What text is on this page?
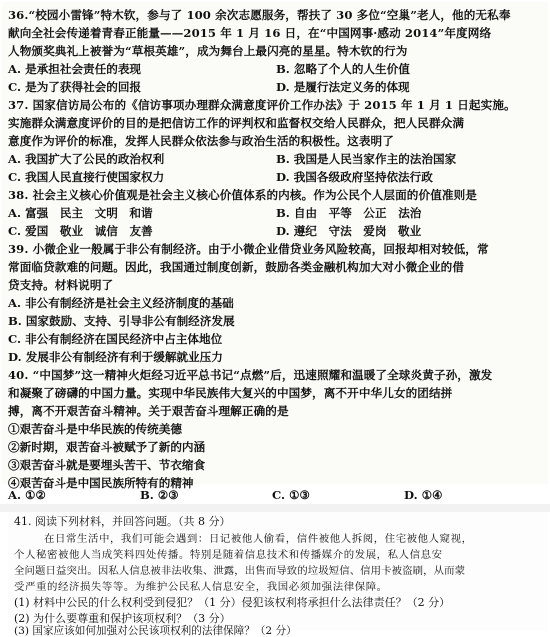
36.“校园小雷锋”特木钦，参与了 100 余次志愿服务，帮扶了 30 多位“空巢”老人，他的无私奉
献向全社会传递着青春正能量——2015 年 1 月 16 日，在“中国网事·感动 2014”年度网络
人物颁奖典礼上被誉为“草根英雄”，成为舞台上最闪亮的星星。特木钦的行为
A. 是承担社会责任的表现	B. 忽略了个人的人生价值
C. 是为了获得社会的回报	D. 是履行法定义务的体现
37. 国家信访局公布的《信访事项办理群众满意度评价工作办法》于 2015 年 1 月 1 日起实施。
实施群众满意度评价的目的是把信访工作的评判权和监督权交给人民群众，把人民群众满
意度作为评价的标准，发挥人民群众依法参与政治生活的积极性。这表明了
A. 我国扩大了公民的政治权利	B. 我国是人民当家作主的法治国家
C. 我国人民直接行使国家权力	D. 我国各级政府坚持依法行政
38. 社会主义核心价值观是社会主义核心价值体系的内核。作为公民个人层面的价值准则是
A. 富强　民主　文明　和谐	B. 自由　平等　公正　法治
C. 爱国　敬业　诚信　友善	D. 遵纪　守法　爱岗　敬业
39. 小微企业一般属于非公有制经济。由于小微企业借贷业务风险较高，回报却相对较低，常
常面临贷款难的问题。因此，我国通过制度创新，鼓励各类金融机构加大对小微企业的借
贷支持。材料说明了
A. 非公有制经济是社会主义经济制度的基础
B. 国家鼓励、支持、引导非公有制经济发展
C. 非公有制经济在国民经济中占主体地位
D. 发展非公有制经济有利于缓解就业压力
40. “中国梦”这一精神火炬经习近平总书记“点燃”后，迅速照耀和温暖了全球炎黄子孙，激发
和凝聚了磅礴的中国力量。实现中华民族伟大复兴的中国梦，离不开中华儿女的团结拼
搏，离不开艰苦奋斗精神。关于艰苦奋斗理解正确的是
①艰苦奋斗是中华民族的传统美德
②新时期，艰苦奋斗被赋予了新的内涵
③艰苦奋斗就是要埋头苦干、节衣缩食
④艰苦奋斗是中国民族所特有的精神
A. ①②	B. ②③	C. ①③	D. ①④
41. 阅读下列材料，并回答问题。（共 8 分）
在日常生活中，我们可能会遇到：日记被他人偷看，信件被他人拆阅，住宅被他人窥视，
个人秘密被他人当成笑料四处传播。特别是随着信息技术和传播媒介的发展，私人信息安
全问题日益突出。因私人信息被非法收集、泄露，出售而导致的垃圾短信、信用卡被盗刷，从而蒙
受严重的经济损失等等。为维护公民私人信息安全，我国必须加强法律保障。
(1) 材料中公民的什么权利受到侵犯？（1 分）侵犯该权利将承担什么法律责任？（2 分）
(2) 为什么要尊重和保护该项权利？（3 分）
(3) 国家应该如何加强对公民该项权利的法律保障？（2 分）
